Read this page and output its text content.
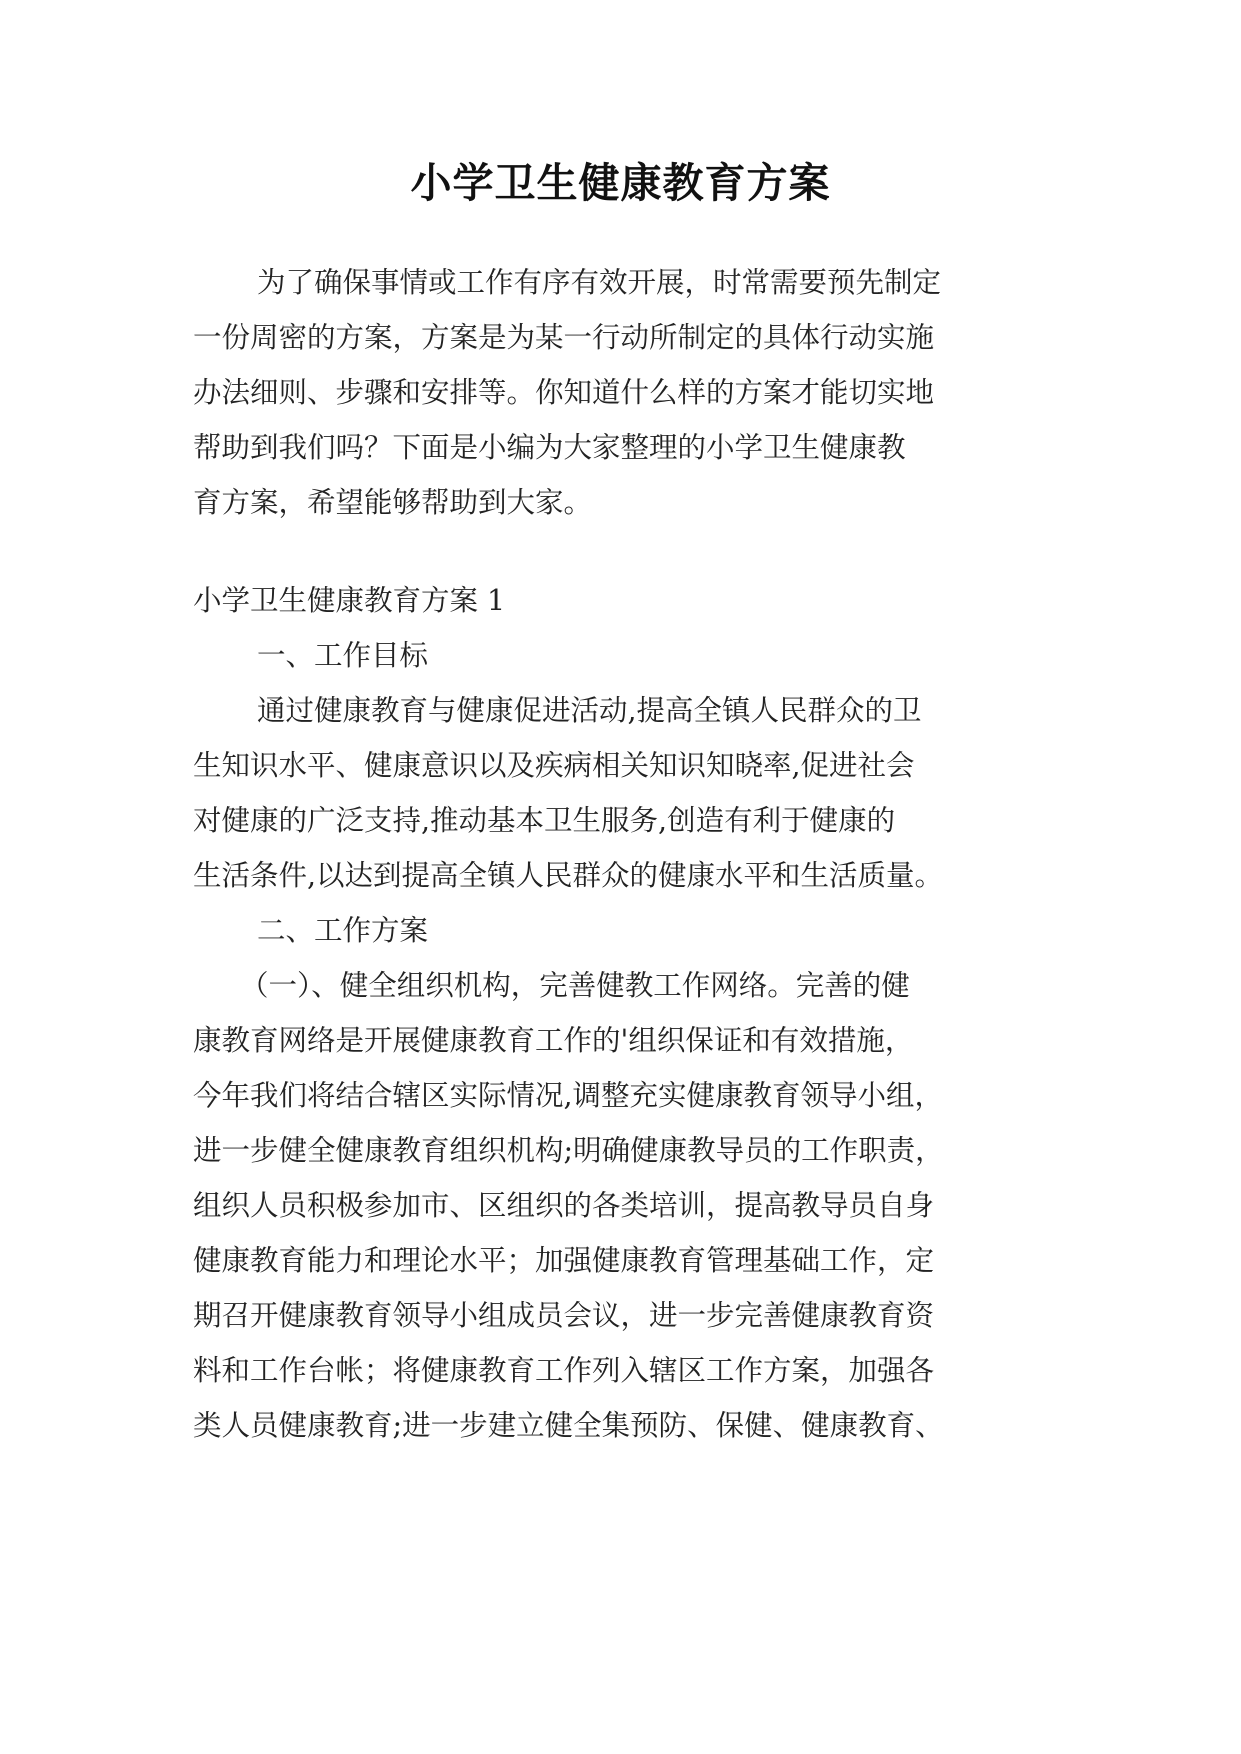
小学卫生健康教育方案
为了确保事情或工作有序有效开展，时常需要预先制定
一份周密的方案，方案是为某一行动所制定的具体行动实施
办法细则、步骤和安排等。你知道什么样的方案才能切实地
帮助到我们吗？下面是小编为大家整理的小学卫生健康教
育方案，希望能够帮助到大家。
小学卫生健康教育方案 1
一、工作目标
通过健康教育与健康促进活动,提高全镇人民群众的卫
生知识水平、健康意识以及疾病相关知识知晓率,促进社会
对健康的广泛支持,推动基本卫生服务,创造有利于健康的
生活条件,以达到提高全镇人民群众的健康水平和生活质量。
二、工作方案
（一）、健全组织机构，完善健教工作网络。完善的健
康教育网络是开展健康教育工作的'组织保证和有效措施，
今年我们将结合辖区实际情况,调整充实健康教育领导小组，
进一步健全健康教育组织机构;明确健康教导员的工作职责，
组织人员积极参加市、区组织的各类培训，提高教导员自身
健康教育能力和理论水平；加强健康教育管理基础工作，定
期召开健康教育领导小组成员会议，进一步完善健康教育资
料和工作台帐；将健康教育工作列入辖区工作方案，加强各
类人员健康教育;进一步建立健全集预防、保健、健康教育、
